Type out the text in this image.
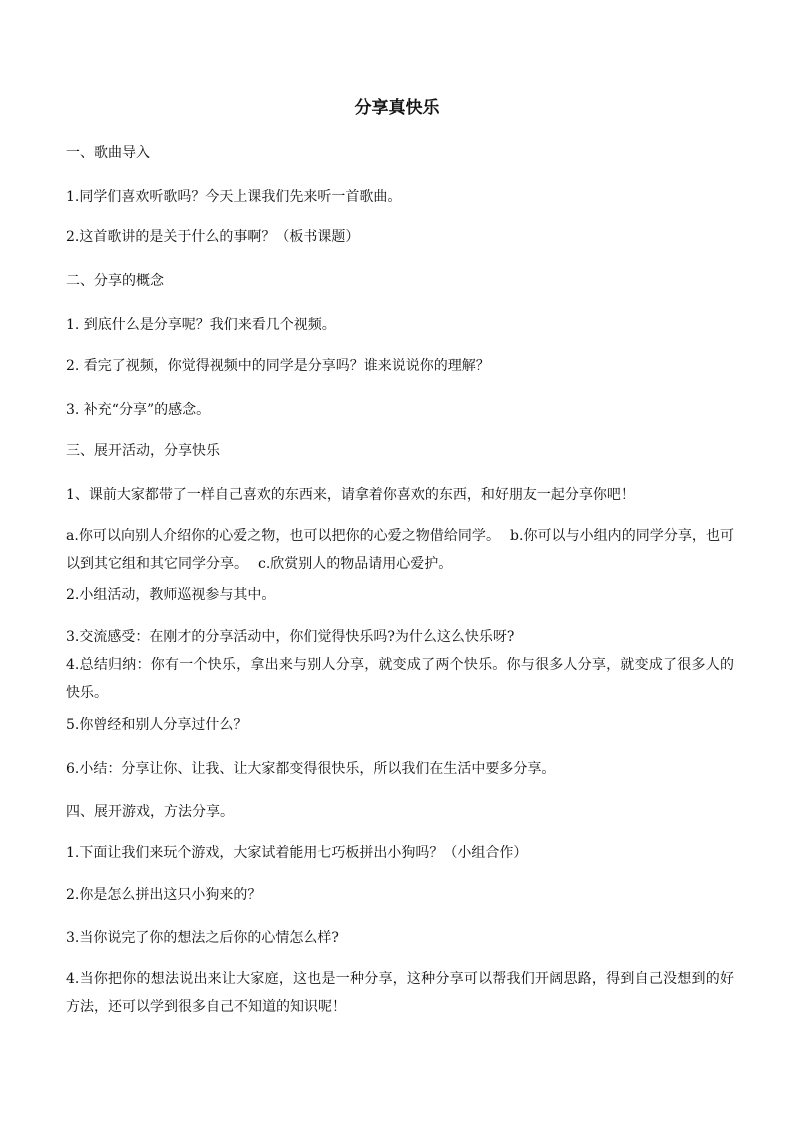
分享真快乐
一、歌曲导入
1.同学们喜欢听歌吗？今天上课我们先来听一首歌曲。
2.这首歌讲的是关于什么的事啊？（板书课题）
二、分享的概念
1. 到底什么是分享呢？我们来看几个视频。
2. 看完了视频，你觉得视频中的同学是分享吗？谁来说说你的理解？
3. 补充“分享”的感念。
三、展开活动，分享快乐
1、课前大家都带了一样自己喜欢的东西来，请拿着你喜欢的东西，和好朋友一起分享你吧！
a.你可以向别人介绍你的心爱之物，也可以把你的心爱之物借给同学。 b.你可以与小组内的同学分享，也可以到其它组和其它同学分享。 c.欣赏别人的物品请用心爱护。
2.小组活动，教师巡视参与其中。
3.交流感受：在刚才的分享活动中，你们觉得快乐吗?为什么这么快乐呀?
4.总结归纳：你有一个快乐，拿出来与别人分享，就变成了两个快乐。你与很多人分享，就变成了很多人的快乐。
5.你曾经和别人分享过什么？
6.小结：分享让你、让我、让大家都变得很快乐，所以我们在生活中要多分享。
四、展开游戏，方法分享。
1.下面让我们来玩个游戏，大家试着能用七巧板拼出小狗吗？（小组合作）
2.你是怎么拼出这只小狗来的？
3.当你说完了你的想法之后你的心情怎么样?
4.当你把你的想法说出来让大家庭，这也是一种分享，这种分享可以帮我们开阔思路，得到自己没想到的好方法，还可以学到很多自己不知道的知识呢！
